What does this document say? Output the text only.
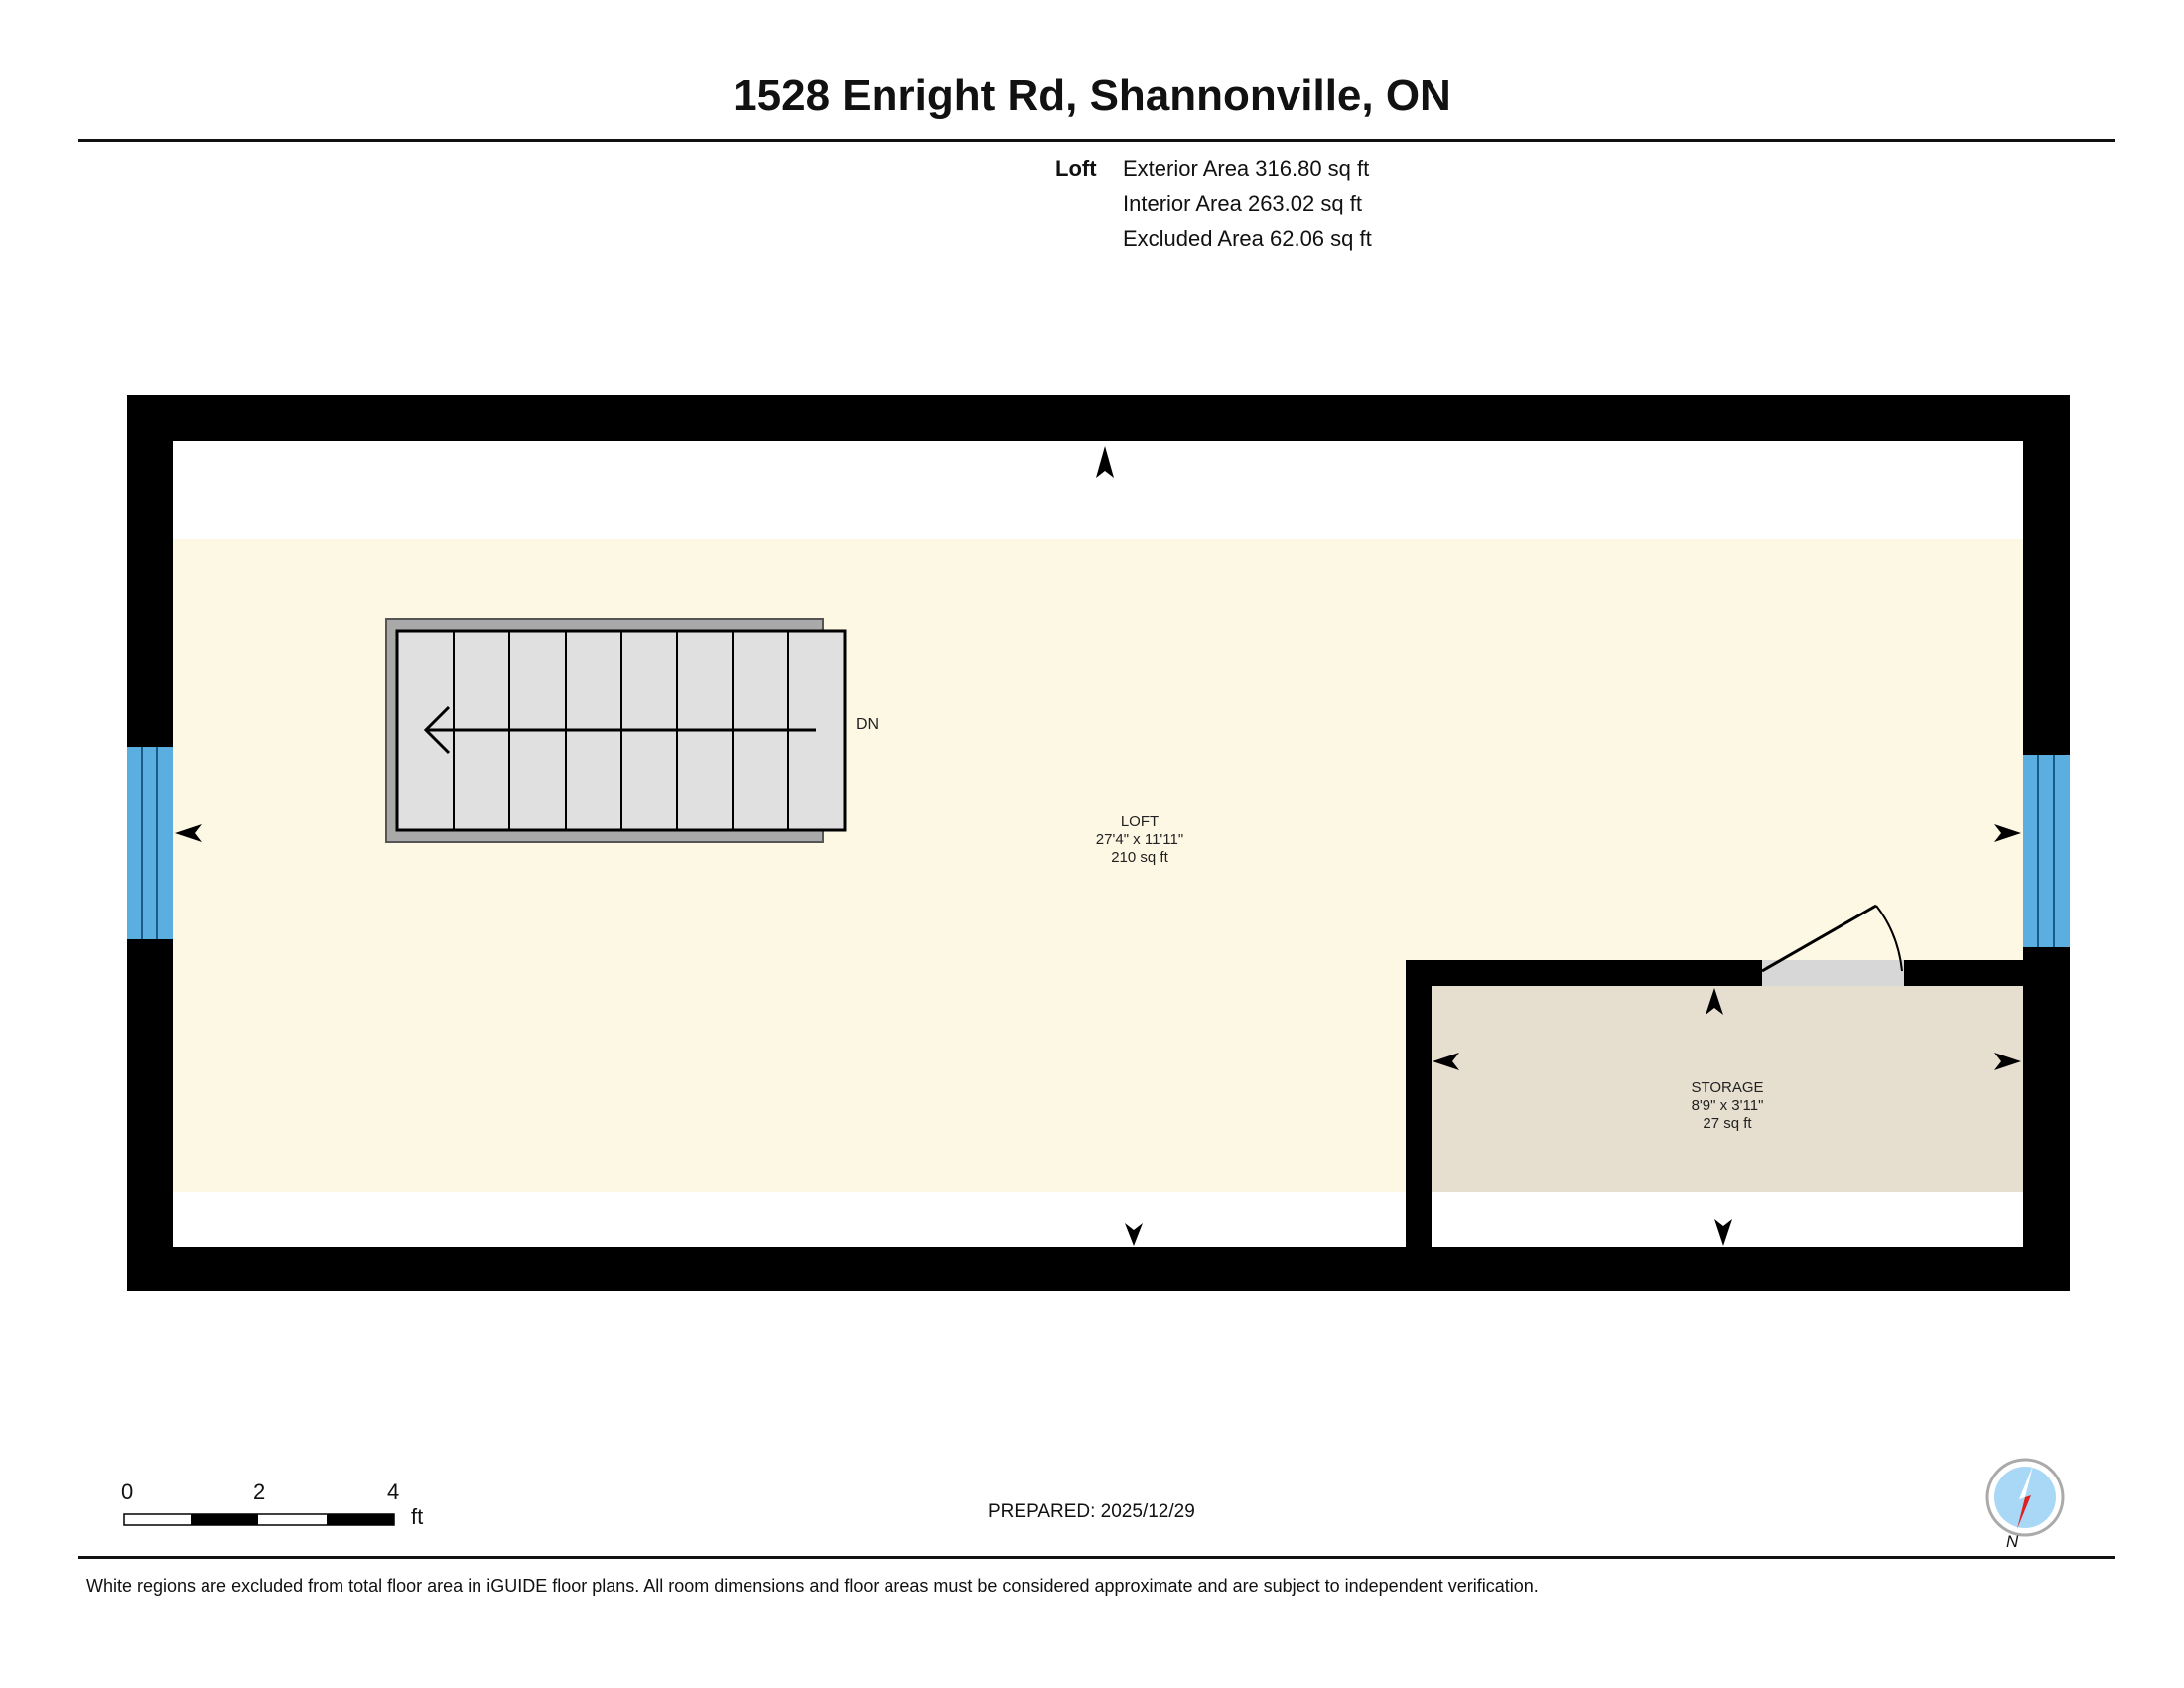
1528 Enright Rd, Shannonville, ON
Loft Exterior Area 316.80 sq ft
Interior Area 263.02 sq ft
Excluded Area 62.06 sq ft
DN
LOFT
27'4" x 11'11"
210 sq ft
STORAGE
8'9" x 3'11"
27 sq ft
0	2	4
ft	PREPARED: 2025/12/29
N
White regions are excluded from total floor area in iGUIDE floor plans. All room dimensions and floor areas must be considered approximate and are subject to independent verification.
